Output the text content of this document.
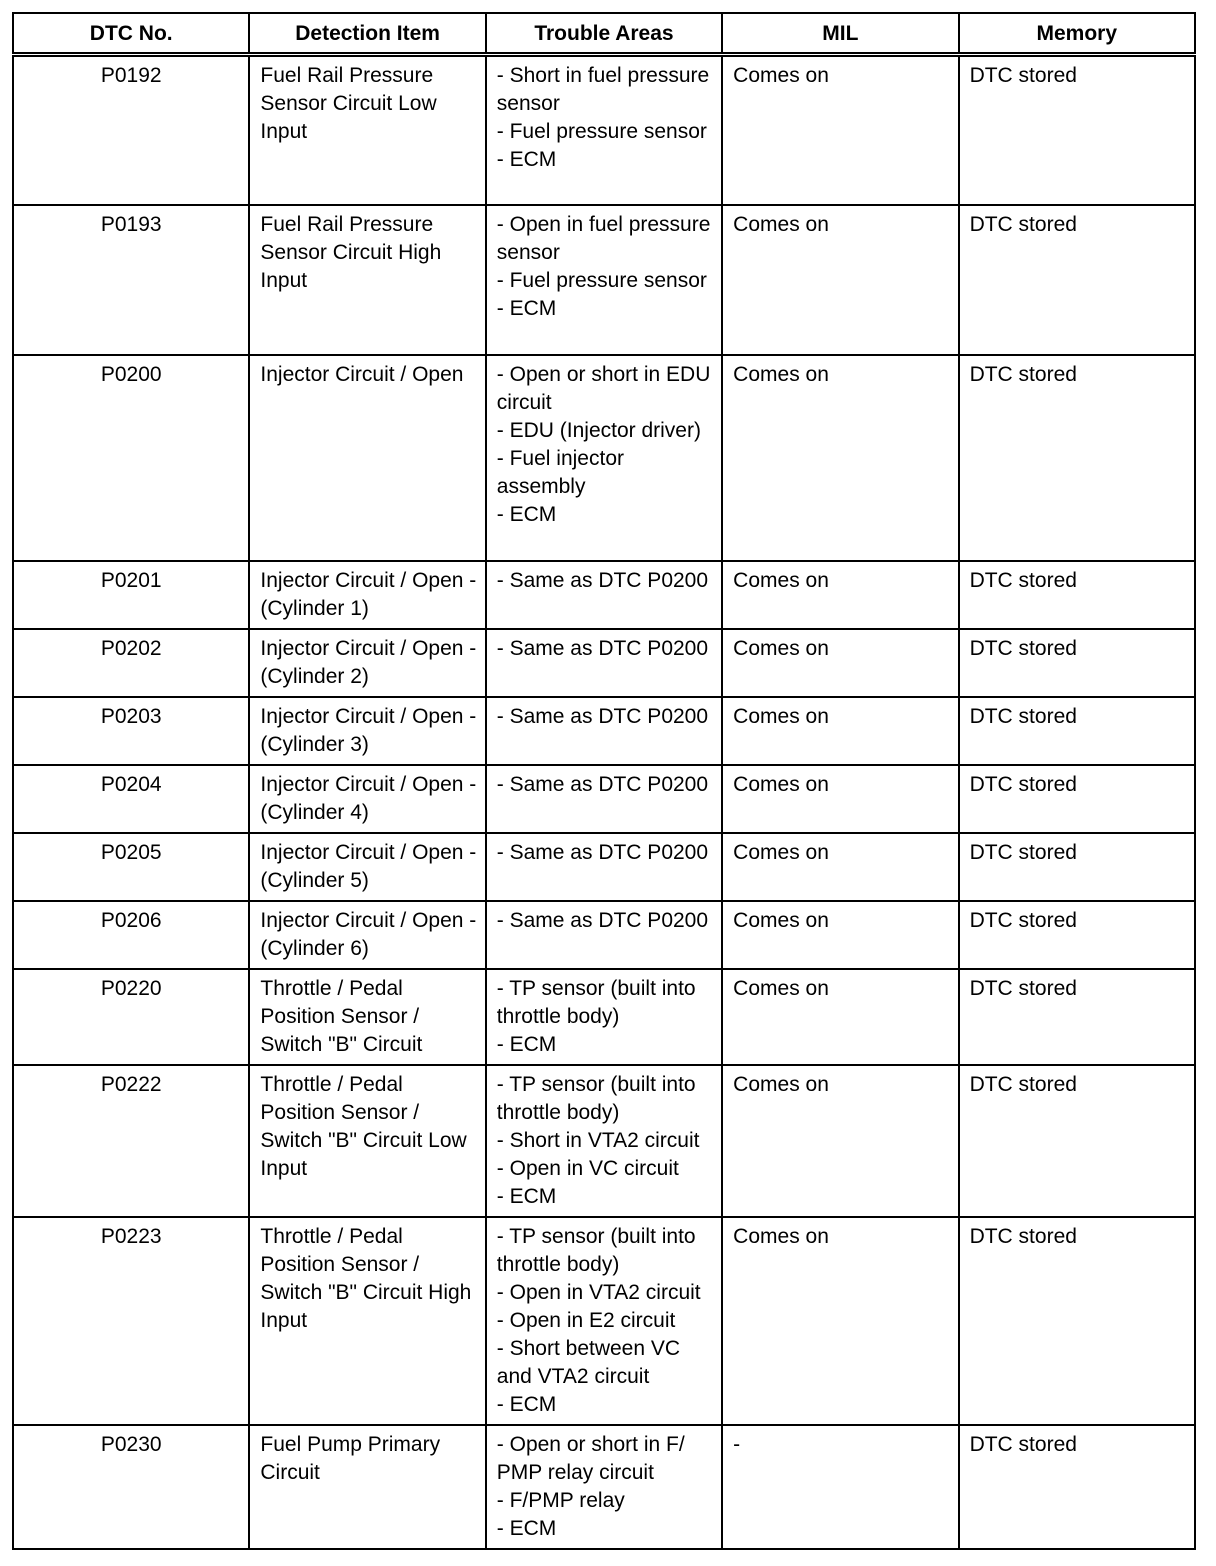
DTC No.	Detection Item	Trouble Areas	MIL	Memory
P0192	Fuel Rail Pressure Sensor Circuit Low Input	- Short in fuel pressure sensor
- Fuel pressure sensor
- ECM	Comes on	DTC stored
P0193	Fuel Rail Pressure Sensor Circuit High Input	- Open in fuel pressure sensor
- Fuel pressure sensor
- ECM	Comes on	DTC stored
P0200	Injector Circuit / Open	- Open or short in EDU circuit
- EDU (Injector driver)
- Fuel injector assembly
- ECM	Comes on	DTC stored
P0201	Injector Circuit / Open - (Cylinder 1)	- Same as DTC P0200	Comes on	DTC stored
P0202	Injector Circuit / Open - (Cylinder 2)	- Same as DTC P0200	Comes on	DTC stored
P0203	Injector Circuit / Open - (Cylinder 3)	- Same as DTC P0200	Comes on	DTC stored
P0204	Injector Circuit / Open - (Cylinder 4)	- Same as DTC P0200	Comes on	DTC stored
P0205	Injector Circuit / Open - (Cylinder 5)	- Same as DTC P0200	Comes on	DTC stored
P0206	Injector Circuit / Open - (Cylinder 6)	- Same as DTC P0200	Comes on	DTC stored
P0220	Throttle / Pedal Position Sensor / Switch "B" Circuit	- TP sensor (built into throttle body)
- ECM	Comes on	DTC stored
P0222	Throttle / Pedal Position Sensor / Switch "B" Circuit Low Input	- TP sensor (built into throttle body)
- Short in VTA2 circuit
- Open in VC circuit
- ECM	Comes on	DTC stored
P0223	Throttle / Pedal Position Sensor / Switch "B" Circuit High Input	- TP sensor (built into throttle body)
- Open in VTA2 circuit
- Open in E2 circuit
- Short between VC and VTA2 circuit
- ECM	Comes on	DTC stored
P0230	Fuel Pump Primary Circuit	- Open or short in F/ PMP relay circuit
- F/PMP relay
- ECM	-	DTC stored
